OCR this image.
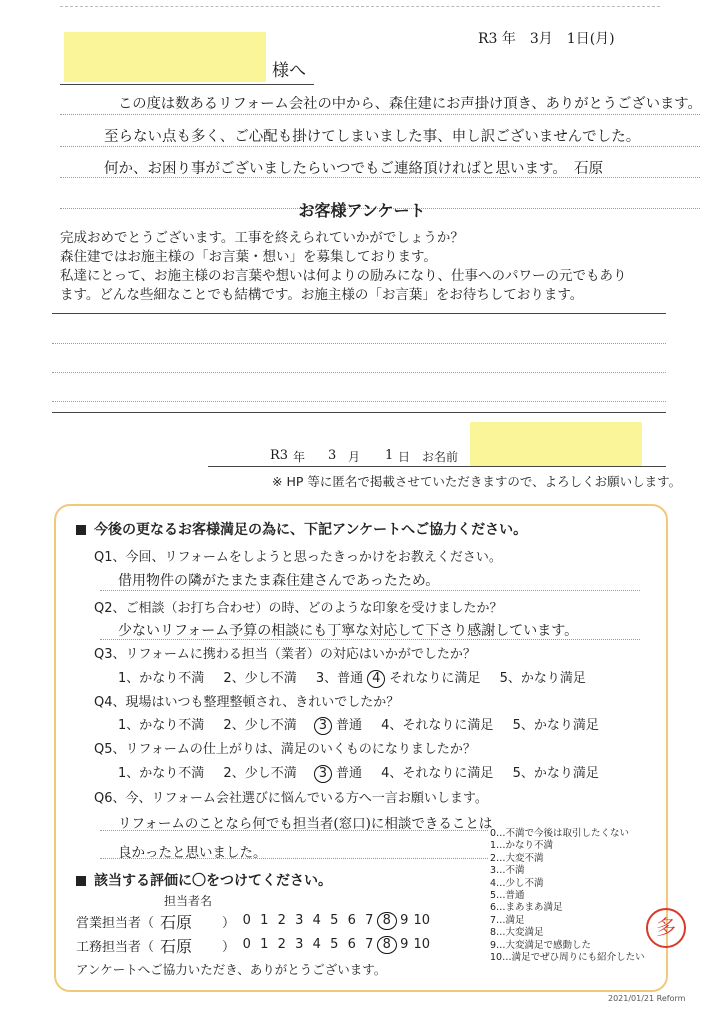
R3 年　3月　1日(月)
様へ
この度は数あるリフォーム会社の中から、森住建にお声掛け頂き、ありがとうございます。
至らない点も多く、ご心配も掛けてしまいました事、申し訳ございませんでした。
何か、お困り事がございましたらいつでもご連絡頂ければと思います。　石原
お客様アンケート
完成おめでとうございます。工事を終えられていかがでしょうか？
森住建ではお施主様の「お言葉・想い」を募集しております。
私達にとって、お施主様のお言葉や想いは何よりの励みになり、仕事へのパワーの元でもあり
ます。どんな些細なことでも結構です。お施主様の「お言葉」をお待ちしております。
R3 年 3 月 1 日 お名前
※ HP 等に匿名で掲載させていただきますので、よろしくお願いします。
今後の更なるお客様満足の為に、下記アンケートへご協力ください。
Q1、今回、リフォームをしようと思ったきっかけをお教えください。
借用物件の隣がたまたま森住建さんであったため。
Q2、ご相談（お打ち合わせ）の時、どのような印象を受けましたか？
少ないリフォーム予算の相談にも丁寧な対応して下さり感謝しています。
Q3、リフォームに携わる担当（業者）の対応はいかがでしたか？
1、かなり不満　 2、少し不満　 3、普通 4 それなりに満足　 5、かなり満足
Q4、現場はいつも整理整頓され、きれいでしたか？
1、かなり不満　 2、少し不満　 3 普通　 4、それなりに満足　 5、かなり満足
Q5、リフォームの仕上がりは、満足のいくものになりましたか？
1、かなり不満　 2、少し不満　 3 普通　 4、それなりに満足　 5、かなり満足
Q6、今、リフォーム会社選びに悩んでいる方へ一言お願いします。
リフォームのことなら何でも担当者(窓口)に相談できることは
良かったと思いました。
0…不満で今後は取引したくない
1…かなり不満
2…大変不満
3…不満
4…少し不満
5…普通
6…まあまあ満足
7…満足
8…大変満足
9…大変満足で感動した
10…満足でぜひ周りにも紹介したい
該当する評価に〇をつけてください。
担当者名
営業担当者（ 石原 ） 0 1 2 3 4 5 6 7 8 9 10
工務担当者（ 石原 ） 0 1 2 3 4 5 6 7 8 9 10
アンケートへご協力いただき、ありがとうございます。
多
2021/01/21 Reform
